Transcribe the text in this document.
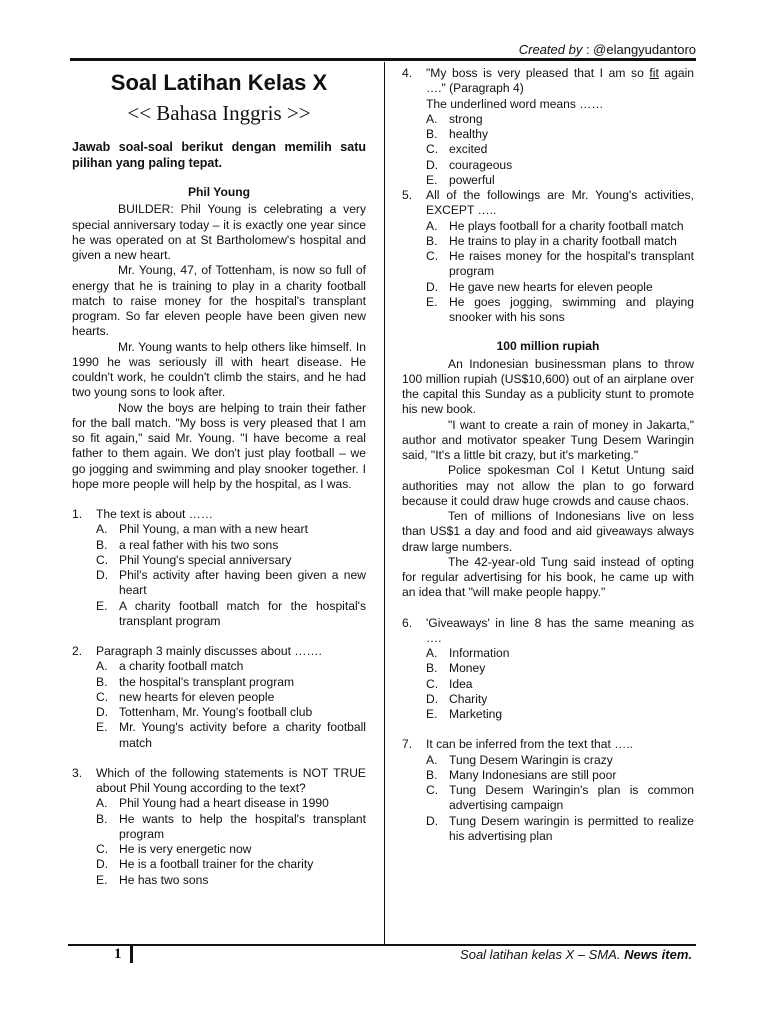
Created by : @elangyudantoro
Soal Latihan Kelas X
<< Bahasa Inggris >>
Jawab soal-soal berikut dengan memilih satu pilihan yang paling tepat.
Phil Young

BUILDER: Phil Young is celebrating a very special anniversary today – it is exactly one year since he was operated on at St Bartholomew's hospital and given a new heart.

Mr. Young, 47, of Tottenham, is now so full of energy that he is training to play in a charity football match to raise money for the hospital's transplant program. So far eleven people have been given new hearts.

Mr. Young wants to help others like himself. In 1990 he was seriously ill with heart disease. He couldn't work, he couldn't climb the stairs, and he had two young sons to look after.

Now the boys are helping to train their father for the ball match. "My boss is very pleased that I am so fit again," said Mr. Young. "I have become a real father to them again. We don't just play football – we go jogging and swimming and play snooker together. I hope more people will help by the hospital, as I was.

1. The text is about ……
A. Phil Young, a man with a new heart
B. a real father with his two sons
C. Phil Young's special anniversary
D. Phil's activity after having been given a new heart
E. A charity football match for the hospital's transplant program
2. Paragraph 3 mainly discusses about …….
A. a charity football match
B. the hospital's transplant program
C. new hearts for eleven people
D. Tottenham, Mr. Young's football club
E. Mr. Young's activity before a charity football match
3. Which of the following statements is NOT TRUE about Phil Young according to the text?
A. Phil Young had a heart disease in 1990
B. He wants to help the hospital's transplant program
C. He is very energetic now
D. He is a football trainer for the charity
E. He has two sons
4. "My boss is very pleased that I am so fit again …." (Paragraph 4)
The underlined word means ……
A. strong
B. healthy
C. excited
D. courageous
E. powerful
5. All of the followings are Mr. Young's activities, EXCEPT …..
A. He plays football for a charity football match
B. He trains to play in a charity football match
C. He raises money for the hospital's transplant program
D. He gave new hearts for eleven people
E. He goes jogging, swimming and playing snooker with his sons
100 million rupiah

An Indonesian businessman plans to throw 100 million rupiah (US$10,600) out of an airplane over the capital this Sunday as a publicity stunt to promote his new book.

"I want to create a rain of money in Jakarta," author and motivator speaker Tung Desem Waringin said, "It's a little bit crazy, but it's marketing."

Police spokesman Col I Ketut Untung said authorities may not allow the plan to go forward because it could draw huge crowds and cause chaos.

Ten of millions of Indonesians live on less than US$1 a day and food and aid giveaways always draw large numbers.

The 42-year-old Tung said instead of opting for regular advertising for his book, he came up with an idea that "will make people happy."

6. 'Giveaways' in line 8 has the same meaning as ….
A. Information
B. Money
C. Idea
D. Charity
E. Marketing
7. It can be inferred from the text that …..
A. Tung Desem Waringin is crazy
B. Many Indonesians are still poor
C. Tung Desem Waringin's plan is common advertising campaign
D. Tung Desem waringin is permitted to realize his advertising plan
1	Soal latihan kelas X – SMA. News item.
